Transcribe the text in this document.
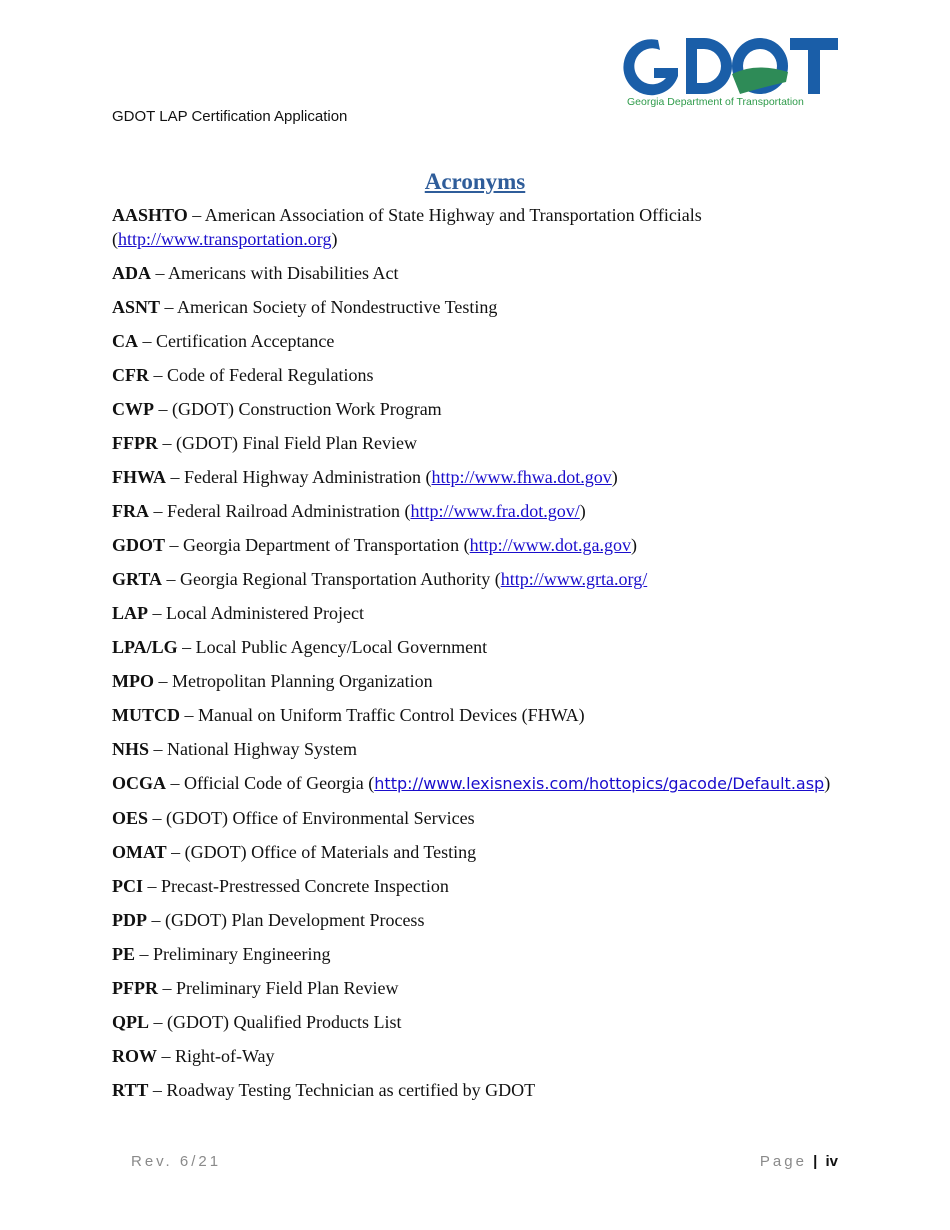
GDOT LAP Certification Application
Georgia Department of Transportation
Acronyms
AASHTO – American Association of State Highway and Transportation Officials
(http://www.transportation.org)
ADA – Americans with Disabilities Act
ASNT – American Society of Nondestructive Testing
CA – Certification Acceptance
CFR – Code of Federal Regulations
CWP – (GDOT) Construction Work Program
FFPR – (GDOT) Final Field Plan Review
FHWA – Federal Highway Administration (http://www.fhwa.dot.gov)
FRA – Federal Railroad Administration (http://www.fra.dot.gov/)
GDOT – Georgia Department of Transportation (http://www.dot.ga.gov)
GRTA – Georgia Regional Transportation Authority (http://www.grta.org/
LAP – Local Administered Project
LPA/LG – Local Public Agency/Local Government
MPO – Metropolitan Planning Organization
MUTCD – Manual on Uniform Traffic Control Devices (FHWA)
NHS – National Highway System
OCGA – Official Code of Georgia (http://www.lexisnexis.com/hottopics/gacode/Default.asp)
OES – (GDOT) Office of Environmental Services
OMAT – (GDOT) Office of Materials and Testing
PCI – Precast-Prestressed Concrete Inspection
PDP – (GDOT) Plan Development Process
PE – Preliminary Engineering
PFPR – Preliminary Field Plan Review
QPL – (GDOT) Qualified Products List
ROW – Right-of-Way
RTT – Roadway Testing Technician as certified by GDOT
Rev. 6/21	Page | iv
